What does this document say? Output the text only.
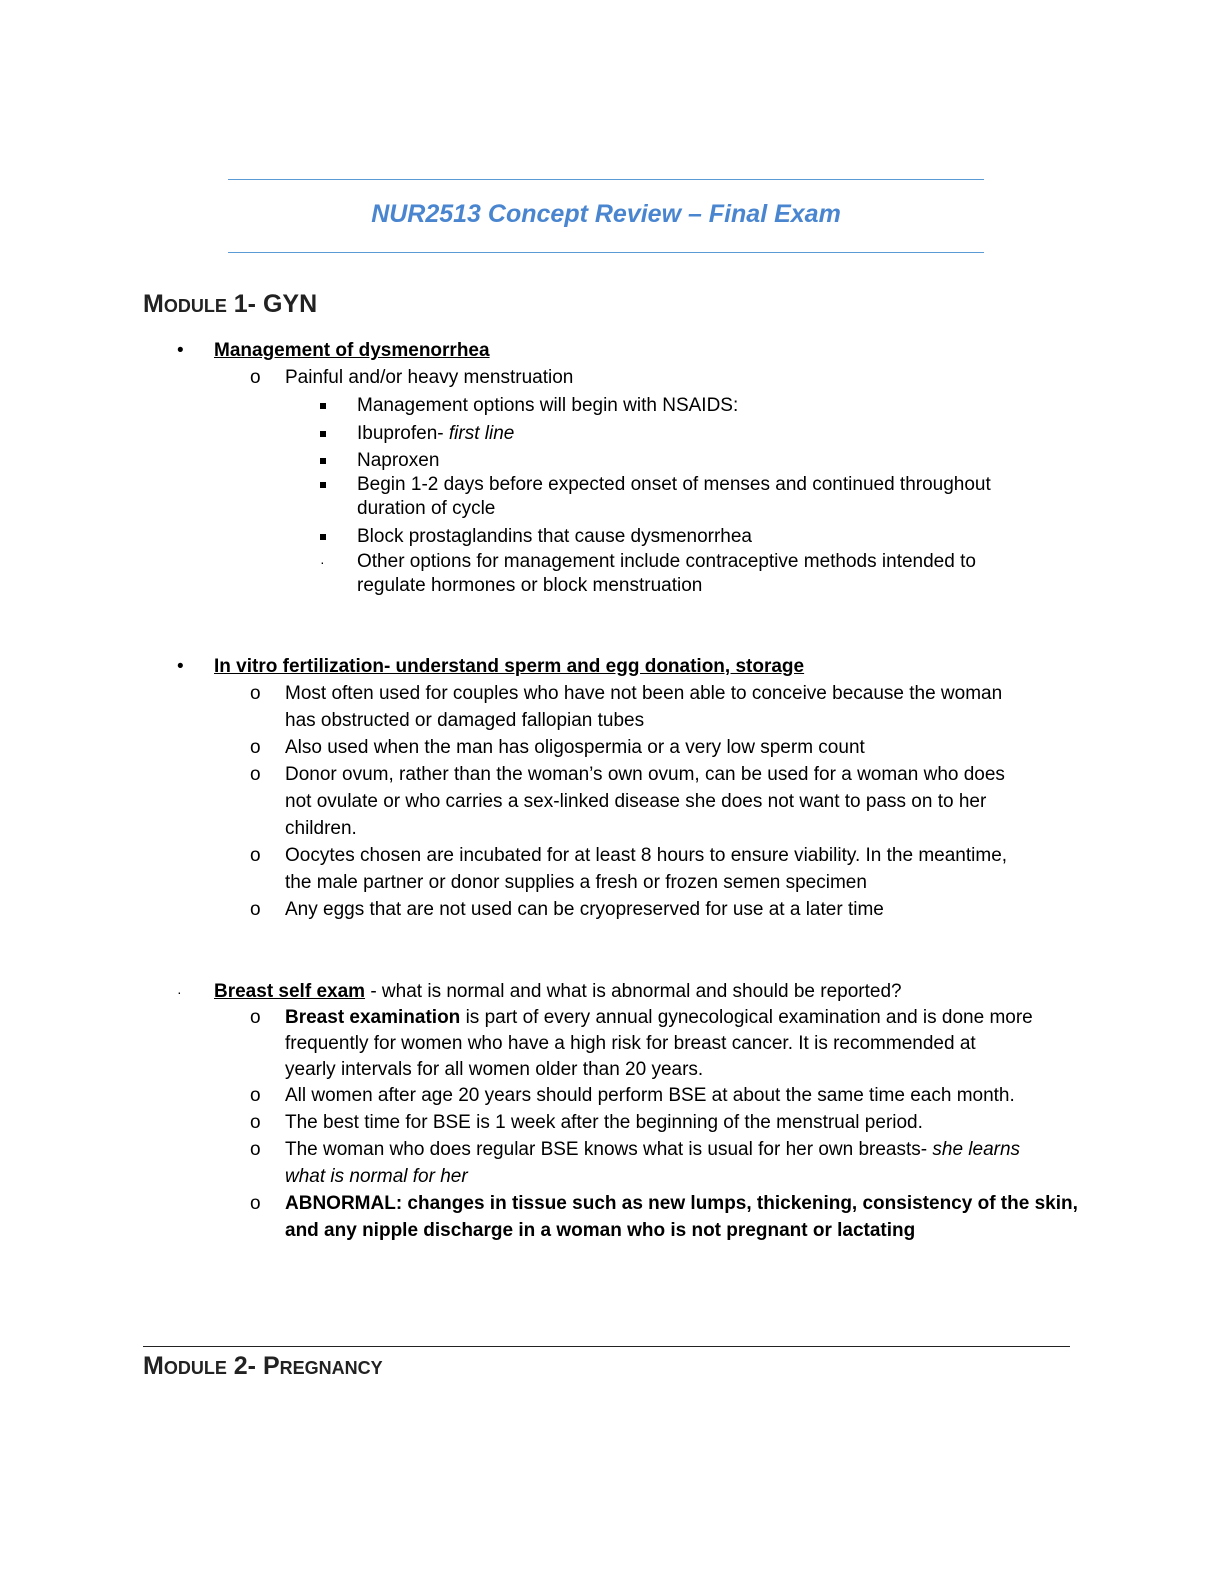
NUR2513 Concept Review – Final Exam
MODULE 1- GYN
•
Management of dysmenorrhea
o
Painful and/or heavy menstruation
Management options will begin with NSAIDS:
Ibuprofen- first line
Naproxen
Begin 1-2 days before expected onset of menses and continued throughout
duration of cycle
Block prostaglandins that cause dysmenorrhea
·
Other options for management include contraceptive methods intended to
regulate hormones or block menstruation
•
In vitro fertilization- understand sperm and egg donation, storage
o
Most often used for couples who have not been able to conceive because the woman
has obstructed or damaged fallopian tubes
o
Also used when the man has oligospermia or a very low sperm count
o
Donor ovum, rather than the woman’s own ovum, can be used for a woman who does
not ovulate or who carries a sex-linked disease she does not want to pass on to her
children.
o
Oocytes chosen are incubated for at least 8 hours to ensure viability. In the meantime,
the male partner or donor supplies a fresh or frozen semen specimen
o
Any eggs that are not used can be cryopreserved for use at a later time
·
Breast self exam - what is normal and what is abnormal and should be reported?
o
Breast examination is part of every annual gynecological examination and is done more
frequently for women who have a high risk for breast cancer. It is recommended at
yearly intervals for all women older than 20 years.
o
All women after age 20 years should perform BSE at about the same time each month.
o
The best time for BSE is 1 week after the beginning of the menstrual period.
o
The woman who does regular BSE knows what is usual for her own breasts- she learns
what is normal for her
o
ABNORMAL: changes in tissue such as new lumps, thickening, consistency of the skin,
and any nipple discharge in a woman who is not pregnant or lactating
MODULE 2- PREGNANCY
